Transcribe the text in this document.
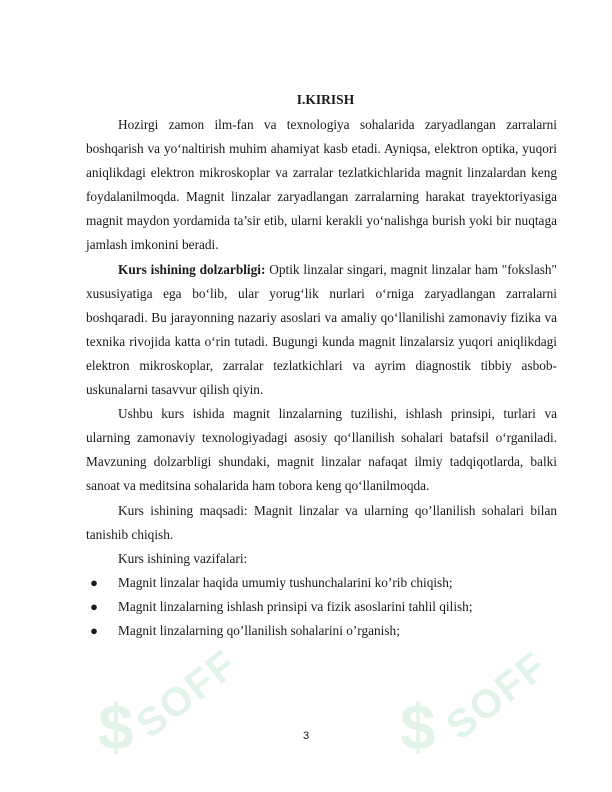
$	$
SOFF	SOFF
I.KIRISH

Hozirgi zamon ilm-fan va texnologiya sohalarida zaryadlangan zarralarni boshqarish va yo‘naltirish muhim ahamiyat kasb etadi. Ayniqsa, elektron optika, yuqori aniqlikdagi elektron mikroskoplar va zarralar tezlatkichlarida magnit linzalardan keng foydalanilmoqda. Magnit linzalar zaryadlangan zarralarning harakat trayektoriyasiga magnit maydon yordamida ta’sir etib, ularni kerakli yo‘nalishga burish yoki bir nuqtaga jamlash imkonini beradi.

Kurs ishining dolzarbligi: Optik linzalar singari, magnit linzalar ham "fokslash" xususiyatiga ega bo‘lib, ular yorug‘lik nurlari o‘rniga zaryadlangan zarralarni boshqaradi. Bu jarayonning nazariy asoslari va amaliy qo‘llanilishi zamonaviy fizika va texnika rivojida katta o‘rin tutadi. Bugungi kunda magnit linzalarsiz yuqori aniqlikdagi elektron mikroskoplar, zarralar tezlatkichlari va ayrim diagnostik tibbiy asbob-uskunalarni tasavvur qilish qiyin.

Ushbu kurs ishida magnit linzalarning tuzilishi, ishlash prinsipi, turlari va ularning zamonaviy texnologiyadagi asosiy qo‘llanilish sohalari batafsil o‘rganiladi. Mavzuning dolzarbligi shundaki, magnit linzalar nafaqat ilmiy tadqiqotlarda, balki sanoat va meditsina sohalarida ham tobora keng qo‘llanilmoqda.

Kurs ishining maqsadi: Magnit linzalar va ularning qo’llanilish sohalari bilan tanishib chiqish.

Kurs ishining vazifalari:

●	Magnit linzalar haqida umumiy tushunchalarini ko’rib chiqish;
●	Magnit linzalarning ishlash prinsipi va fizik asoslarini tahlil qilish;
●	Magnit linzalarning qo’llanilish sohalarini o’rganish;
3
